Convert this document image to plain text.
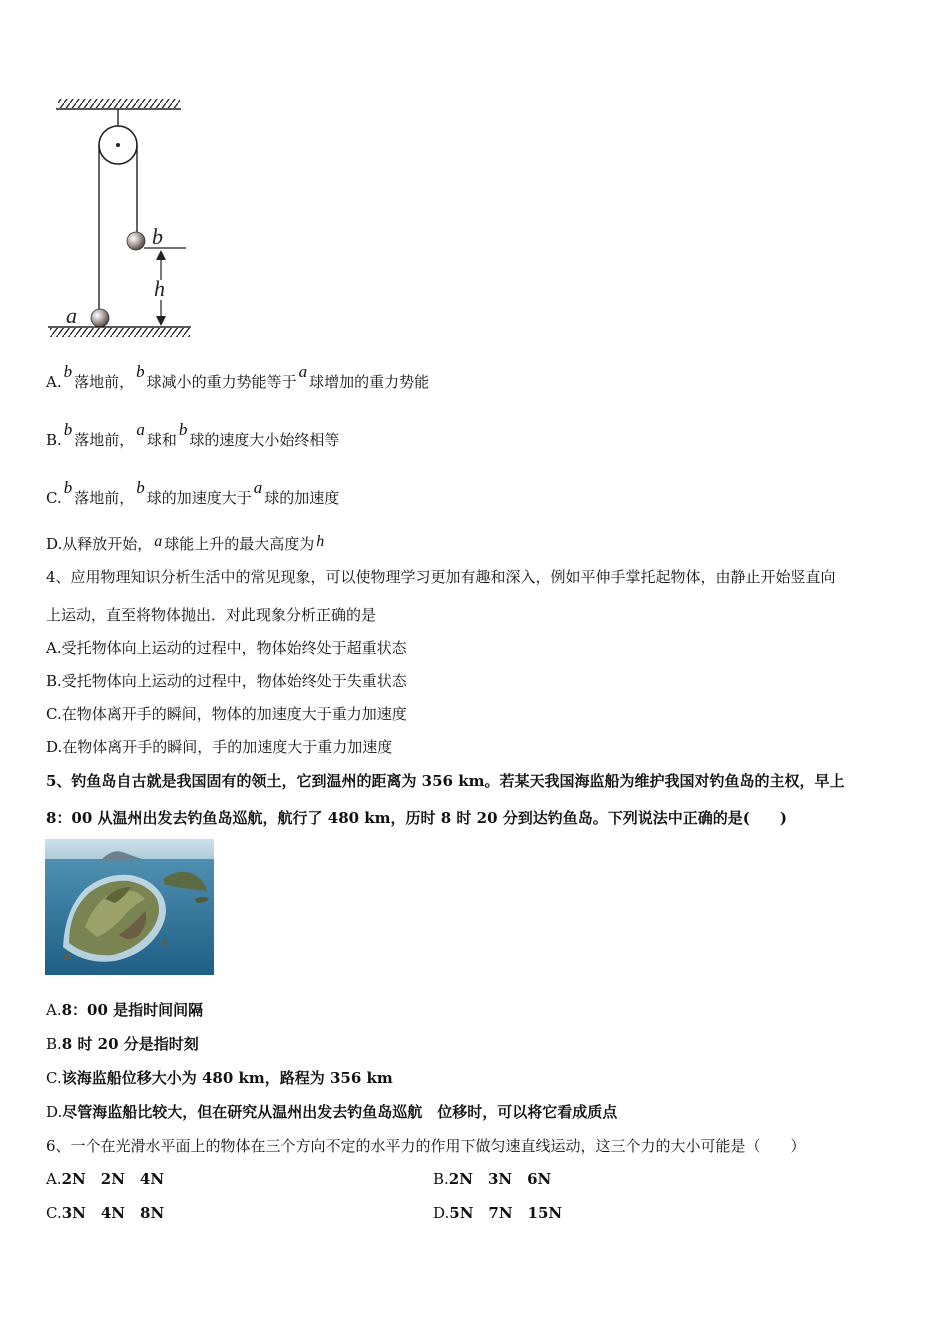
b
h
a
A.b落地前，b球减小的重力势能等于a球增加的重力势能
B.b落地前，a球和b球的速度大小始终相等
C.b落地前，b球的加速度大于a球的加速度
D.从释放开始， a 球能上升的最大高度为 h
4、应用物理知识分析生活中的常见现象，可以使物理学习更加有趣和深入，例如平伸手掌托起物体，由静止开始竖直向
上运动，直至将物体抛出．对此现象分析正确的是
A.受托物体向上运动的过程中，物体始终处于超重状态
B.受托物体向上运动的过程中，物体始终处于失重状态
C.在物体离开手的瞬间，物体的加速度大于重力加速度
D.在物体离开手的瞬间，手的加速度大于重力加速度
5、钓鱼岛自古就是我国固有的领土，它到温州的距离为 356 km。若某天我国海监船为维护我国对钓鱼岛的主权，早上
8：00 从温州出发去钓鱼岛巡航，航行了 480 km，历时 8 时 20 分到达钓鱼岛。下列说法中正确的是(　　)
A.8：00 是指时间间隔
B.8 时 20 分是指时刻
C.该海监船位移大小为 480 km，路程为 356 km
D.尽管海监船比较大，但在研究从温州出发去钓鱼岛巡航　位移时，可以将它看成质点
6、一个在光滑水平面上的物体在三个方向不定的水平力的作用下做匀速直线运动，这三个力的大小可能是（　　）
A.2N　2N　4N	B.2N　3N　6N
C.3N　4N　8N	D.5N　7N　15N
